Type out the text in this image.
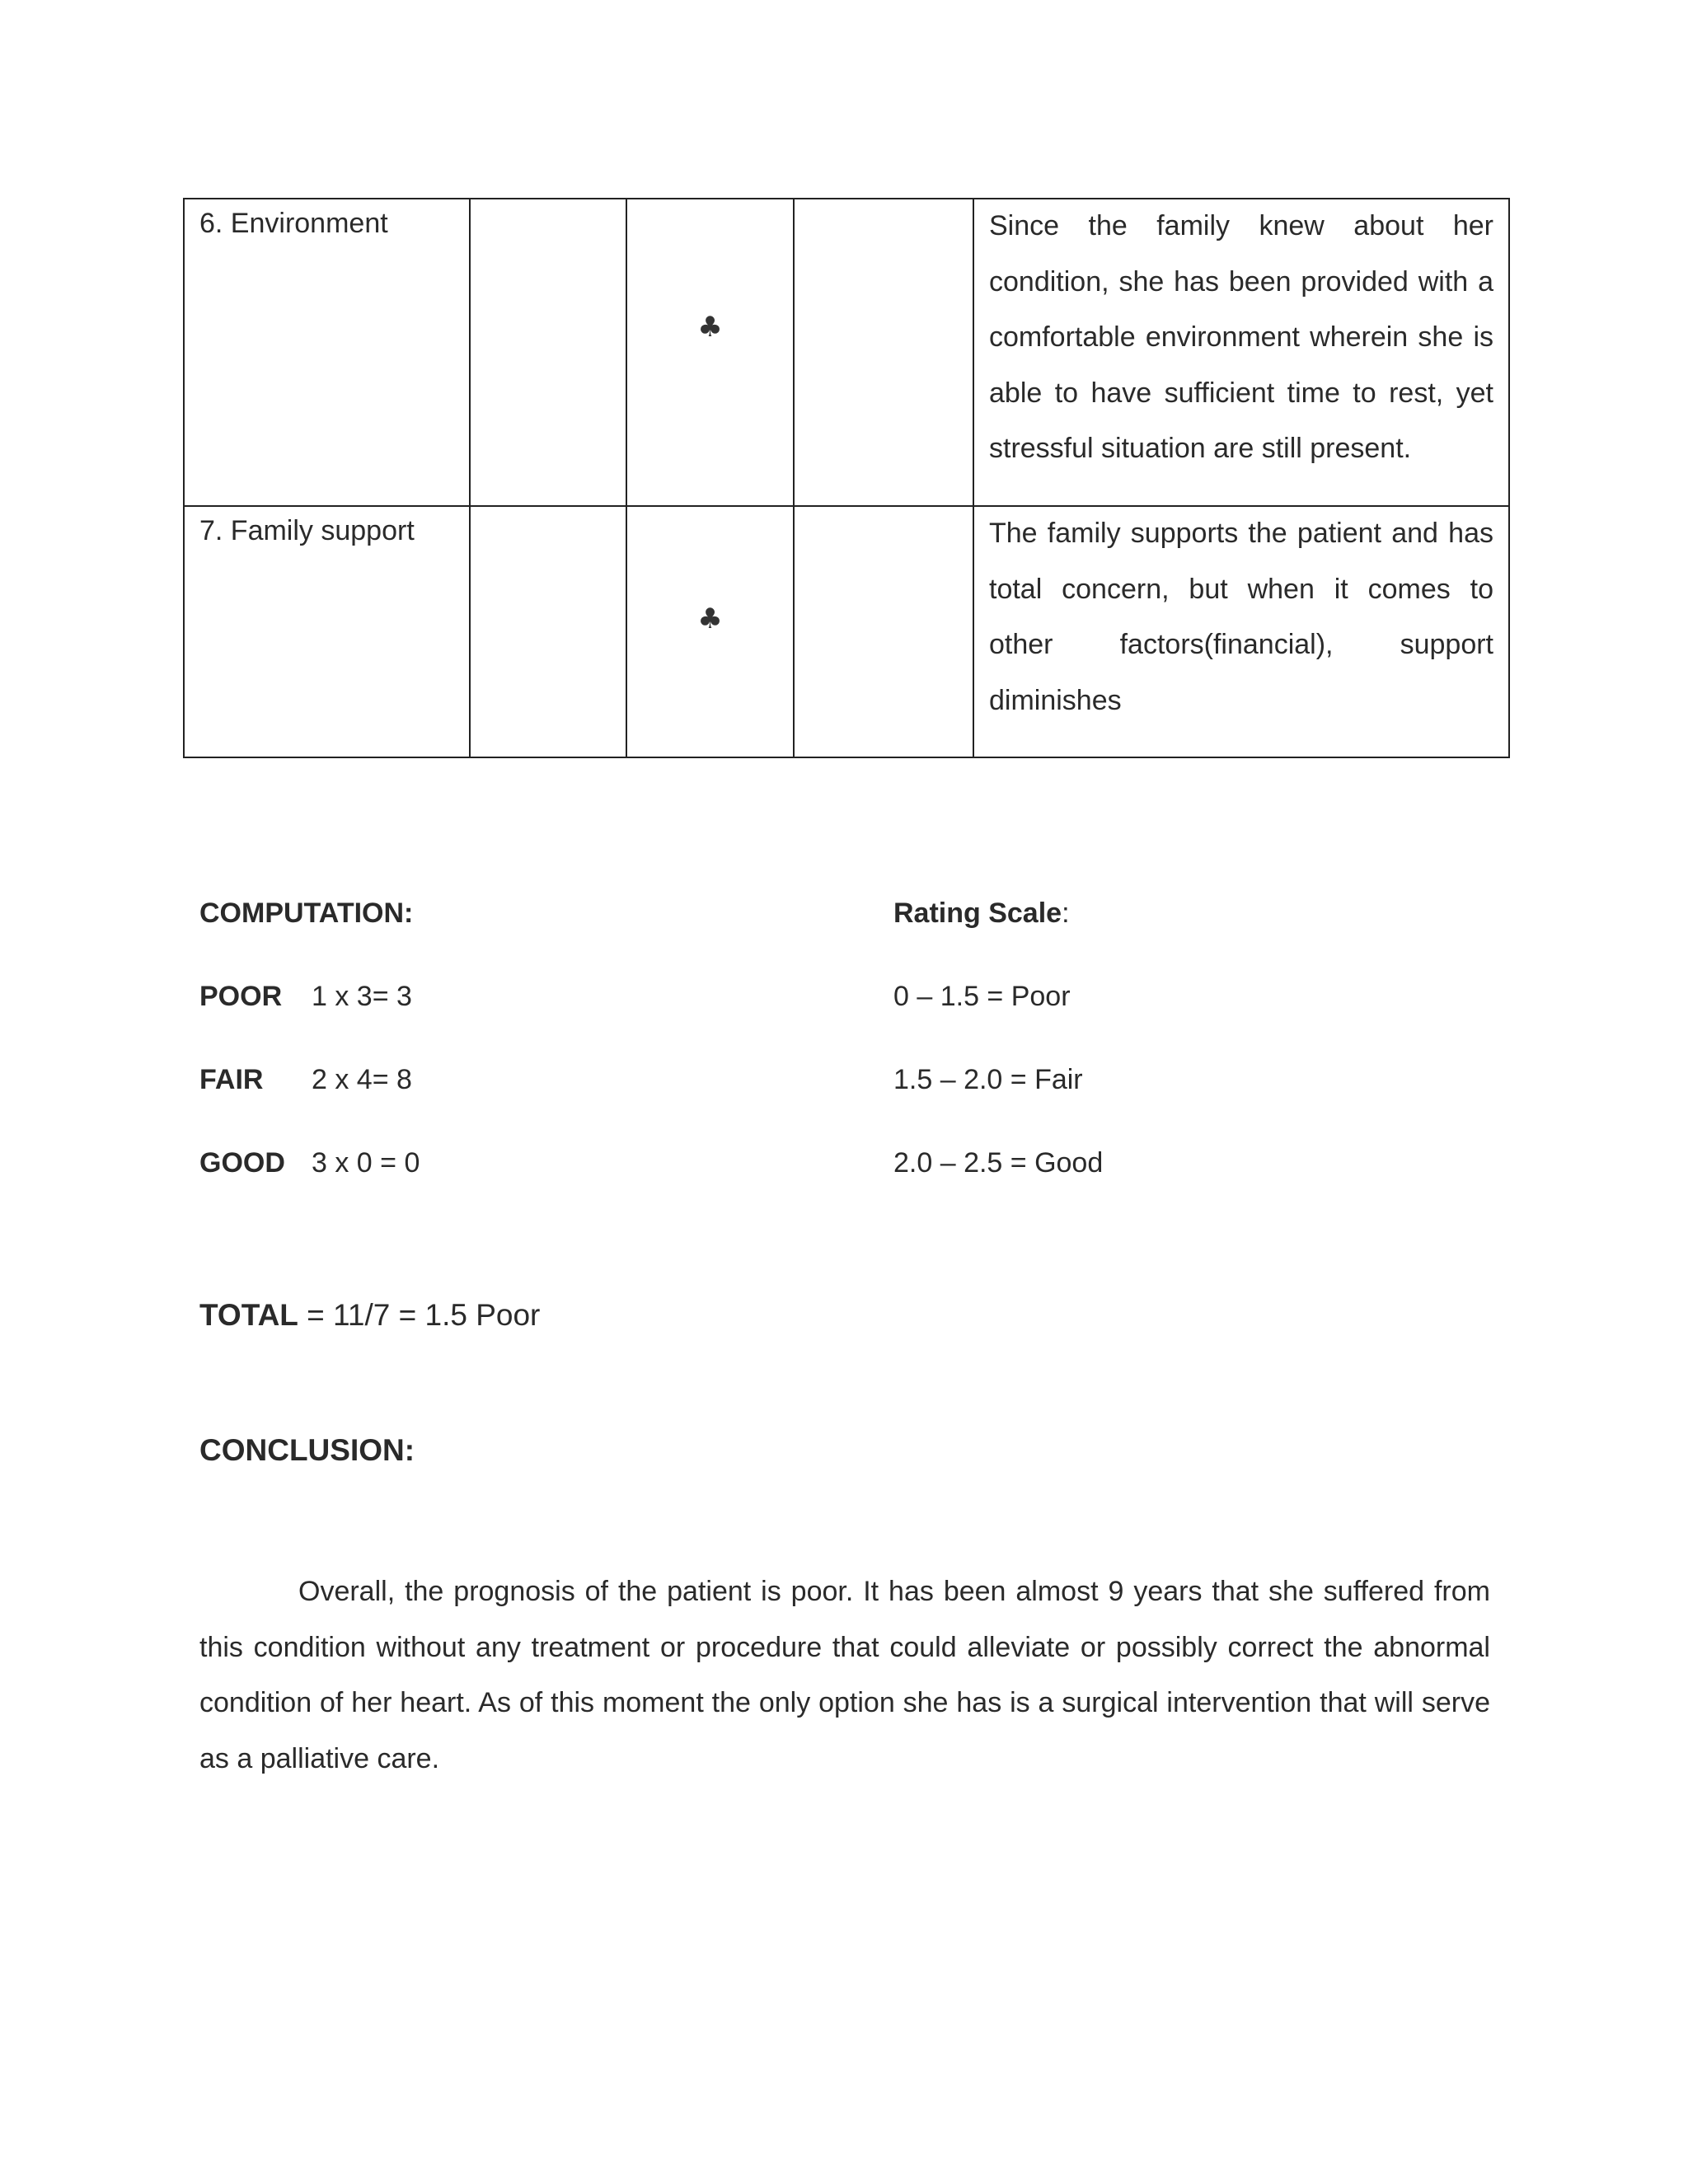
6. Environment		♣		Since the family knew about her condition, she has been provided with a comfortable environment wherein she is able to have sufficient time to rest, yet stressful situation are still present.

7. Family support		♣		The family supports the patient and has total concern, but when it comes to other factors(financial), support diminishes
COMPUTATION:
POOR 1 x 3= 3
FAIR 2 x 4= 8
GOOD 3 x 0 = 0
Rating Scale:
0 – 1.5 = Poor
1.5 – 2.0 = Fair
2.0 – 2.5 = Good
TOTAL = 11/7 = 1.5 Poor
CONCLUSION:

Overall, the prognosis of the patient is poor. It has been almost 9 years that she suffered from this condition without any treatment or procedure that could alleviate or possibly correct the abnormal condition of her heart. As of this moment the only option she has is a surgical intervention that will serve as a palliative care.
